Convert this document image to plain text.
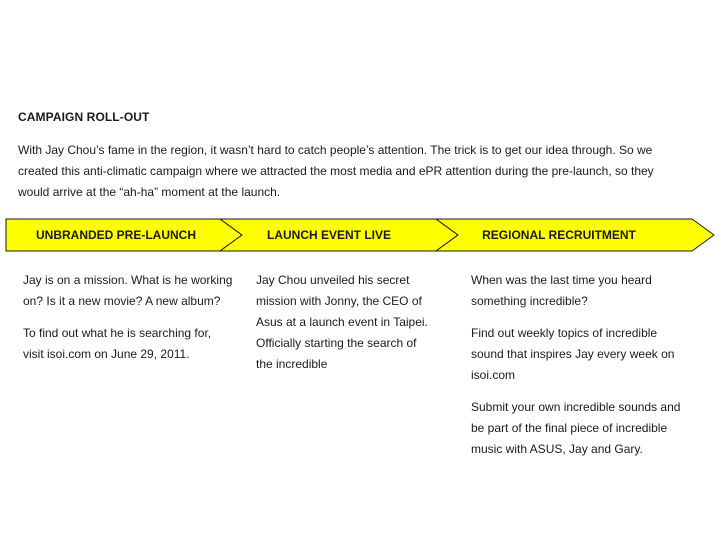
CAMPAIGN ROLL-OUT

With Jay Chou’s fame in the region, it wasn’t hard to catch people’s attention. The trick is to get our idea through. So we created this anti-climatic campaign where we attracted the most media and ePR attention during the pre-launch, so they would arrive at the “ah-ha” moment at the launch.

UNBRANDED PRE-LAUNCH	LAUNCH EVENT LIVE	REGIONAL RECRUITMENT

Jay is on a mission. What is he working on? Is it a new movie? A new album?

To find out what he is searching for, visit isoi.com on June 29, 2011.

Jay Chou unveiled his secret mission with Jonny, the CEO of Asus at a launch event in Taipei. Officially starting the search of the incredible

When was the last time you heard something incredible?

Find out weekly topics of incredible sound that inspires Jay every week on isoi.com

Submit your own incredible sounds and be part of the final piece of incredible music with ASUS, Jay and Gary.
